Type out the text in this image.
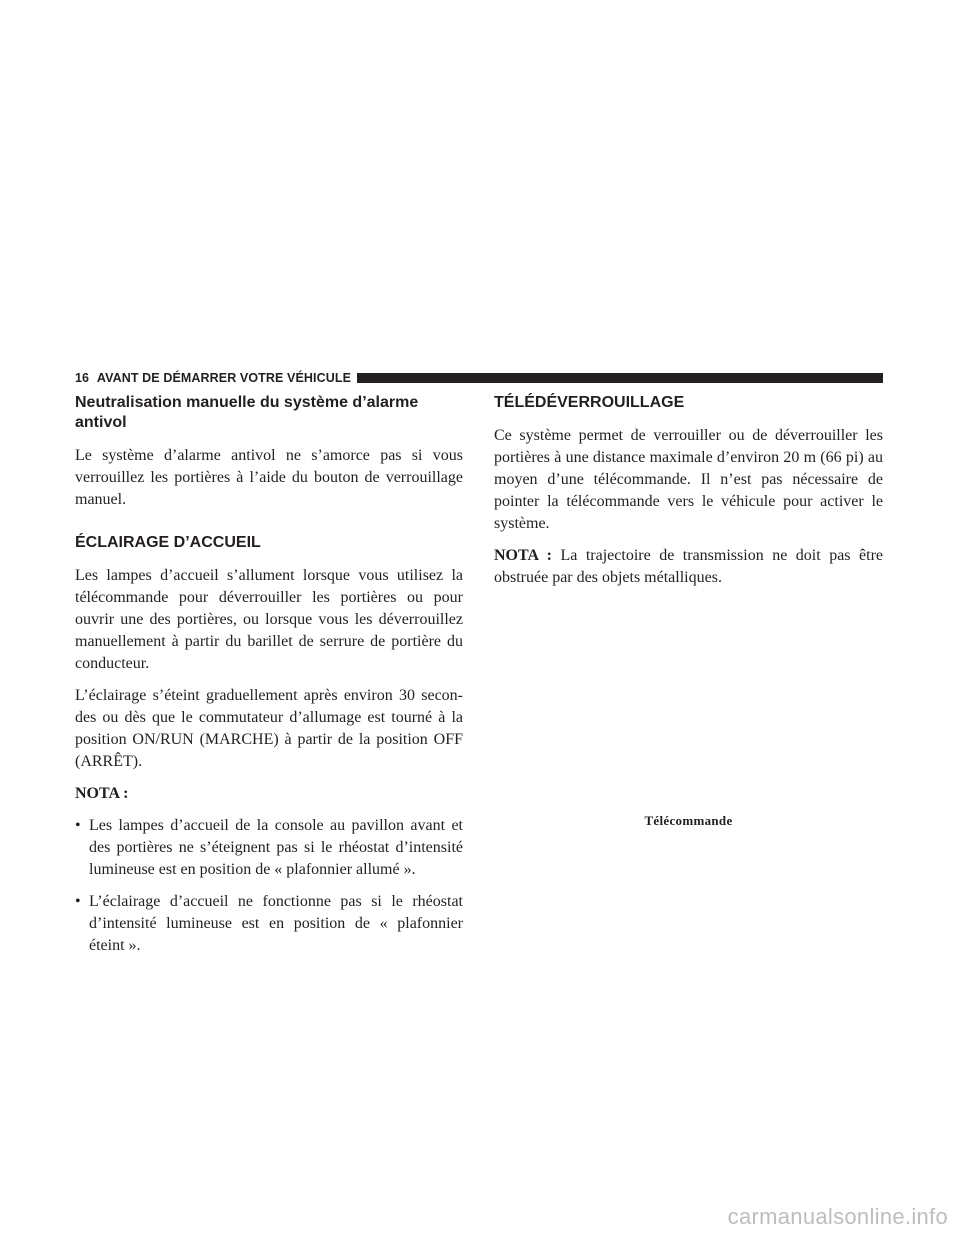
16 AVANT DE DÉMARRER VOTRE VÉHICULE
Neutralisation manuelle du système d’alarme antivol

Le système d’alarme antivol ne s’amorce pas si vous verrouillez les portières à l’aide du bouton de verrouillage manuel.

ÉCLAIRAGE D’ACCUEIL

Les lampes d’accueil s’allument lorsque vous utilisez la télécommande pour déverrouiller les portières ou pour ouvrir une des portières, ou lorsque vous les déverrouillez manuellement à partir du barillet de serrure de portière du conducteur.

L’éclairage s’éteint graduellement après environ 30 secon-des ou dès que le commutateur d’allumage est tourné à la position ON/RUN (MARCHE) à partir de la position OFF (ARRÊT).

NOTA :

• Les lampes d’accueil de la console au pavillon avant et des portières ne s’éteignent pas si le rhéostat d’intensité lumineuse est en position de « plafonnier allumé ».
• L’éclairage d’accueil ne fonctionne pas si le rhéostat d’intensité lumineuse est en position de « plafonnier éteint ».
TÉLÉDÉVERROUILLAGE

Ce système permet de verrouiller ou de déverrouiller les portières à une distance maximale d’environ 20 m (66 pi) au moyen d’une télécommande. Il n’est pas nécessaire de pointer la télécommande vers le véhicule pour activer le système.

NOTA : La trajectoire de transmission ne doit pas être obstruée par des objets métalliques.

Télécommande
carmanualsonline.info
